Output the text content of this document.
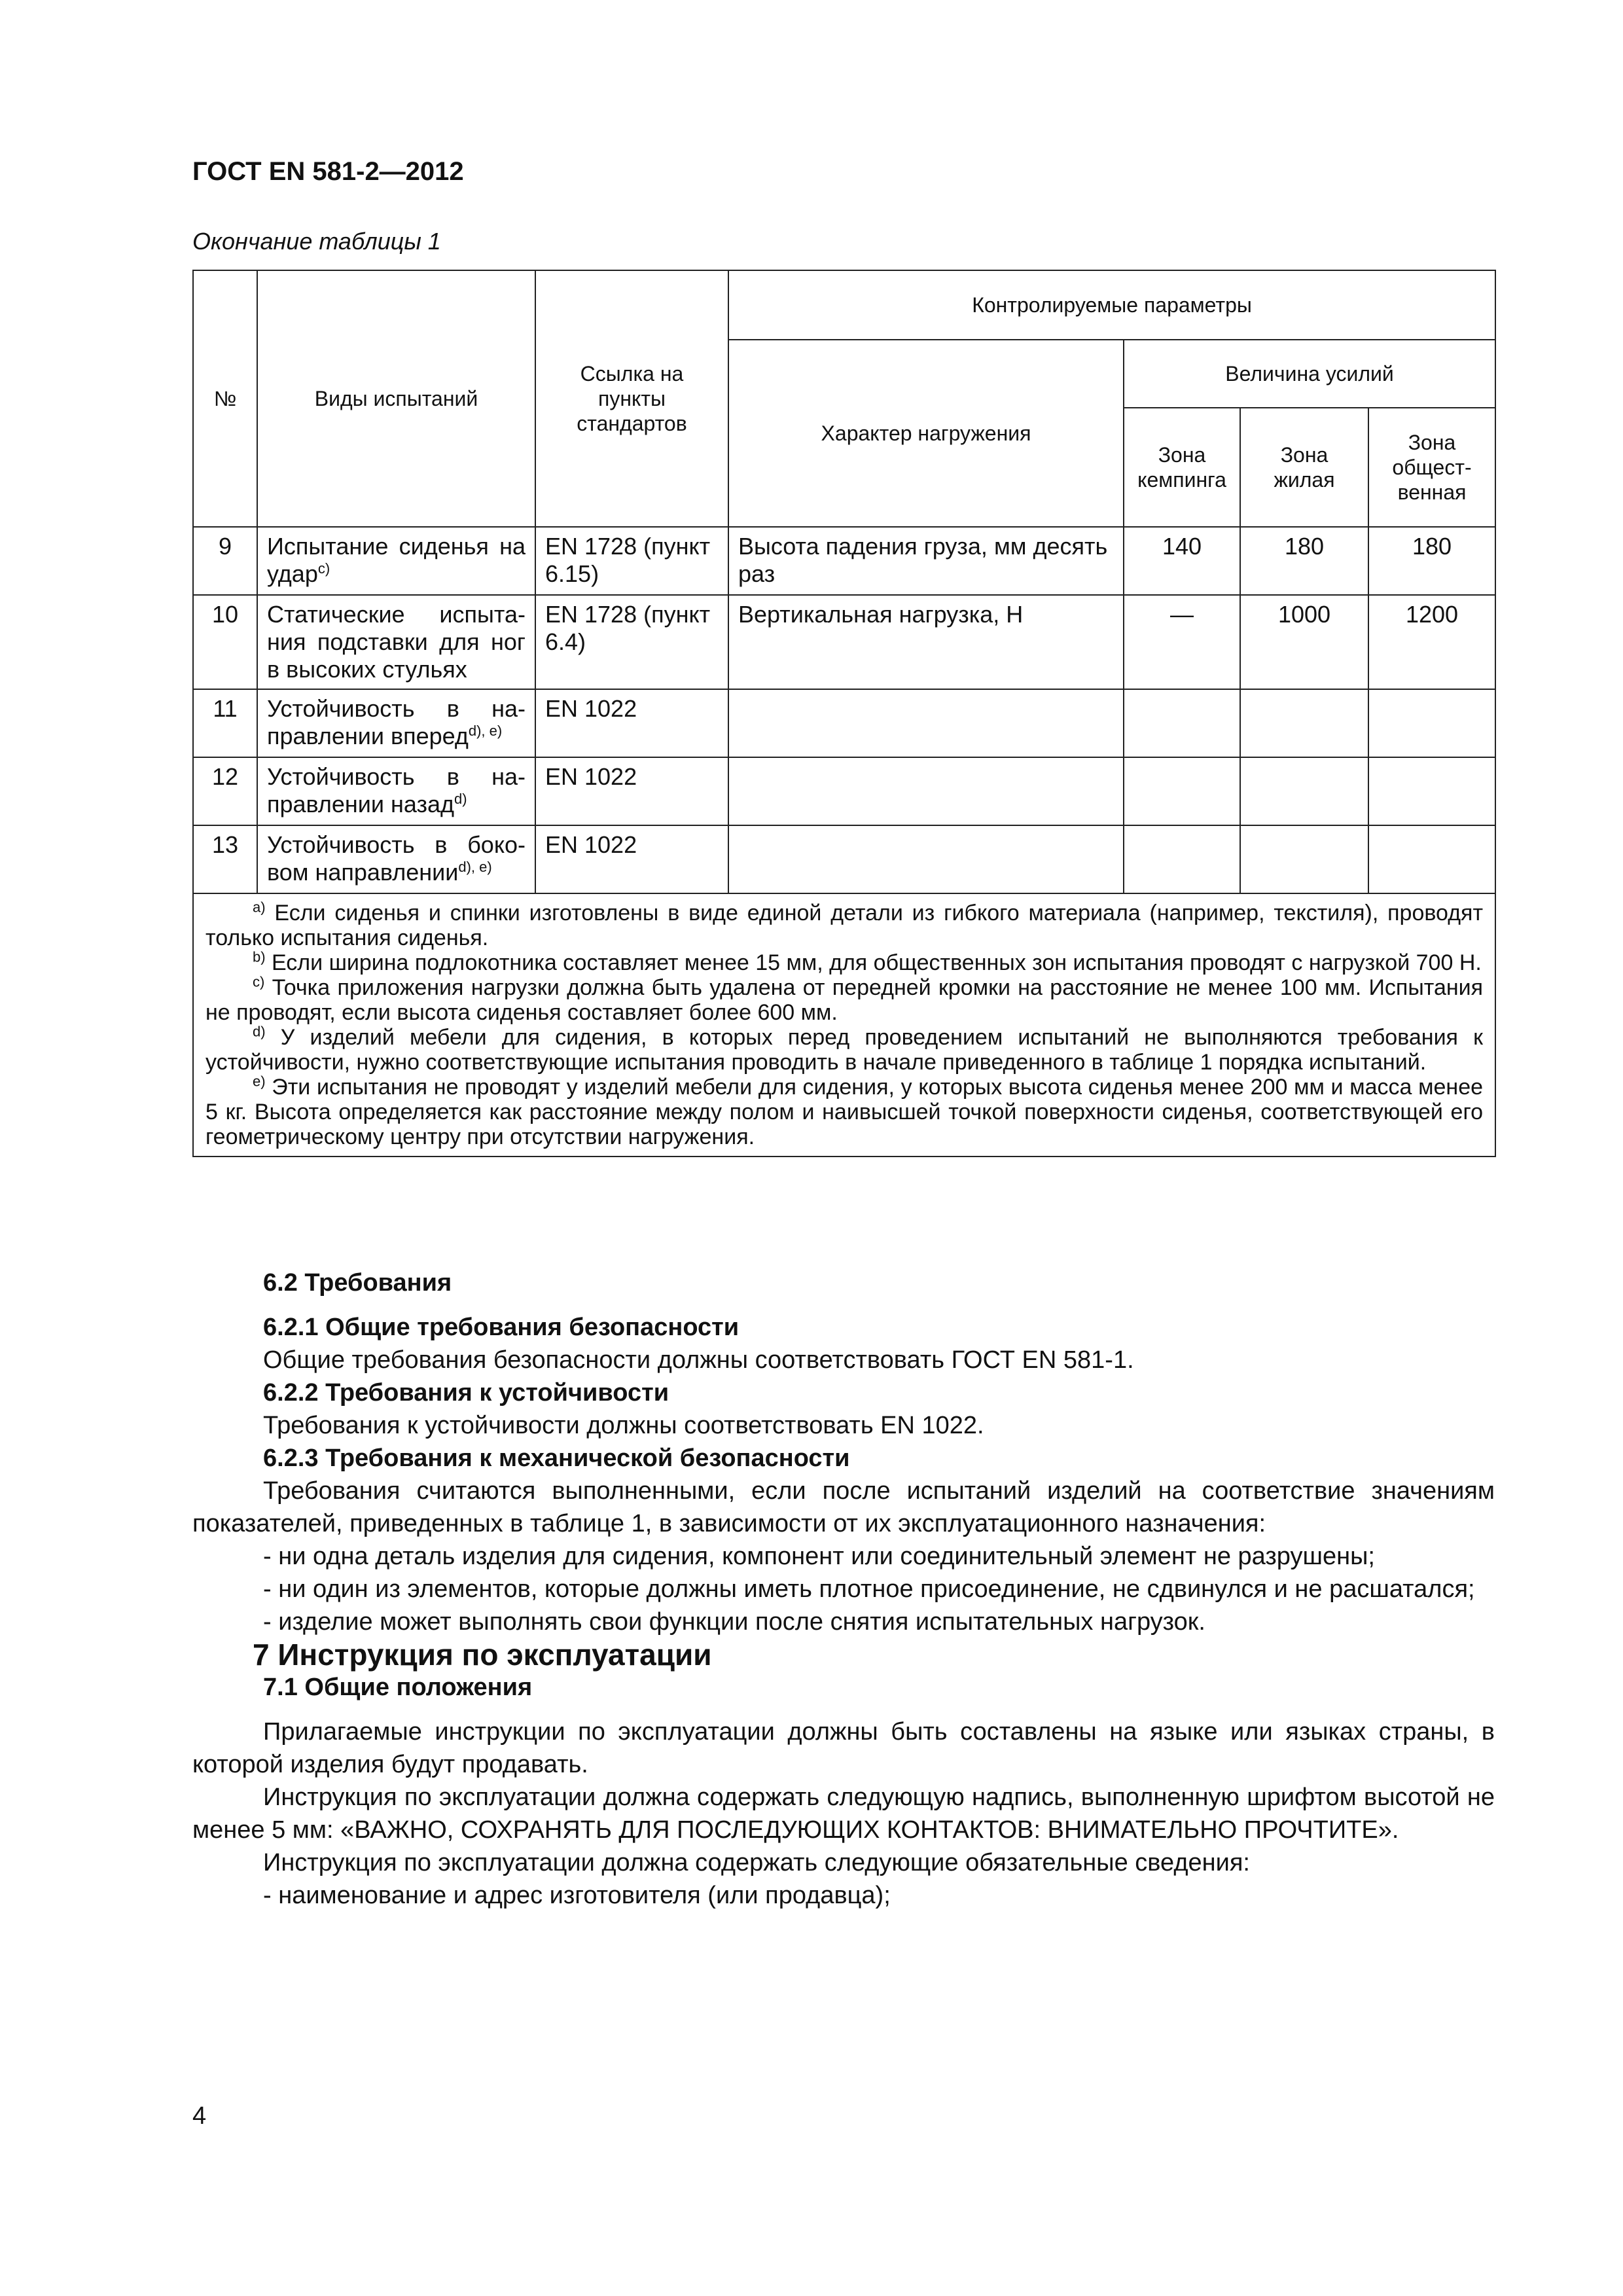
ГОСТ EN 581-2—2012
Окончание таблицы 1
№	Виды испытаний	Ссылка на пункты стандартов	Контролируемые параметры			
			Характер нагружения	Величина усилий		
				Зона кемпинга	Зона жилая	Зона общест-венная
9	Испытание сиденья на удар$^{c)}$	EN 1728 (пункт 6.15)	Высота падения груза, мм десять раз	140	180	180
10	Статические испыта-ния подставки для ног в высоких стульях	EN 1728 (пункт 6.4)	Вертикальная нагрузка, Н	—	1000	1200
11	Устойчивость в на-правлении вперед$^{d), e)}$	EN 1022				
12	Устойчивость в на-правлении назад$^{d)}$	EN 1022				
13	Устойчивость в боко-вом направлении$^{d), e)}$	EN 1022				

$^{a)}$ Если сиденья и спинки изготовлены в виде единой детали из гибкого материала (например, текстиля), проводят только испытания сиденья.

$^{b)}$ Если ширина подлокотника составляет менее 15 мм, для общественных зон испытания проводят с нагрузкой 700 Н.

$^{c)}$ Точка приложения нагрузки должна быть удалена от передней кромки на расстояние не менее 100 мм. Испытания не проводят, если высота сиденья составляет более 600 мм.

$^{d)}$ У изделий мебели для сидения, в которых перед проведением испытаний не выполняются требования к устойчивости, нужно соответствующие испытания проводить в начале приведенного в таблице 1 порядка испытаний.

$^{e)}$ Эти испытания не проводят у изделий мебели для сидения, у которых высота сиденья менее 200 мм и масса менее 5 кг. Высота определяется как расстояние между полом и наивысшей точкой поверхности сиденья, соответствующей его геометрическому центру при отсутствии нагружения.						

6.2 Требования

6.2.1 Общие требования безопасности

Общие требования безопасности должны соответствовать ГОСТ EN 581-1.

6.2.2 Требования к устойчивости

Требования к устойчивости должны соответствовать EN 1022.

6.2.3 Требования к механической безопасности

Требования считаются выполненными, если после испытаний изделий на соответствие значениям показателей, приведенных в таблице 1, в зависимости от их эксплуатационного назначения:

- ни одна деталь изделия для сидения, компонент или соединительный элемент не разрушены;

- ни один из элементов, которые должны иметь плотное присоединение, не сдвинулся и не расшатался;

- изделие может выполнять свои функции после снятия испытательных нагрузок.

7 Инструкция по эксплуатации

7.1 Общие положения

Прилагаемые инструкции по эксплуатации должны быть составлены на языке или языках страны, в которой изделия будут продавать.

Инструкция по эксплуатации должна содержать следующую надпись, выполненную шрифтом высотой не менее 5 мм: «ВАЖНО, СОХРАНЯТЬ ДЛЯ ПОСЛЕДУЮЩИХ КОНТАКТОВ: ВНИМАТЕЛЬНО ПРОЧТИТЕ».

Инструкция по эксплуатации должна содержать следующие обязательные сведения:

- наименование и адрес изготовителя (или продавца);

4
